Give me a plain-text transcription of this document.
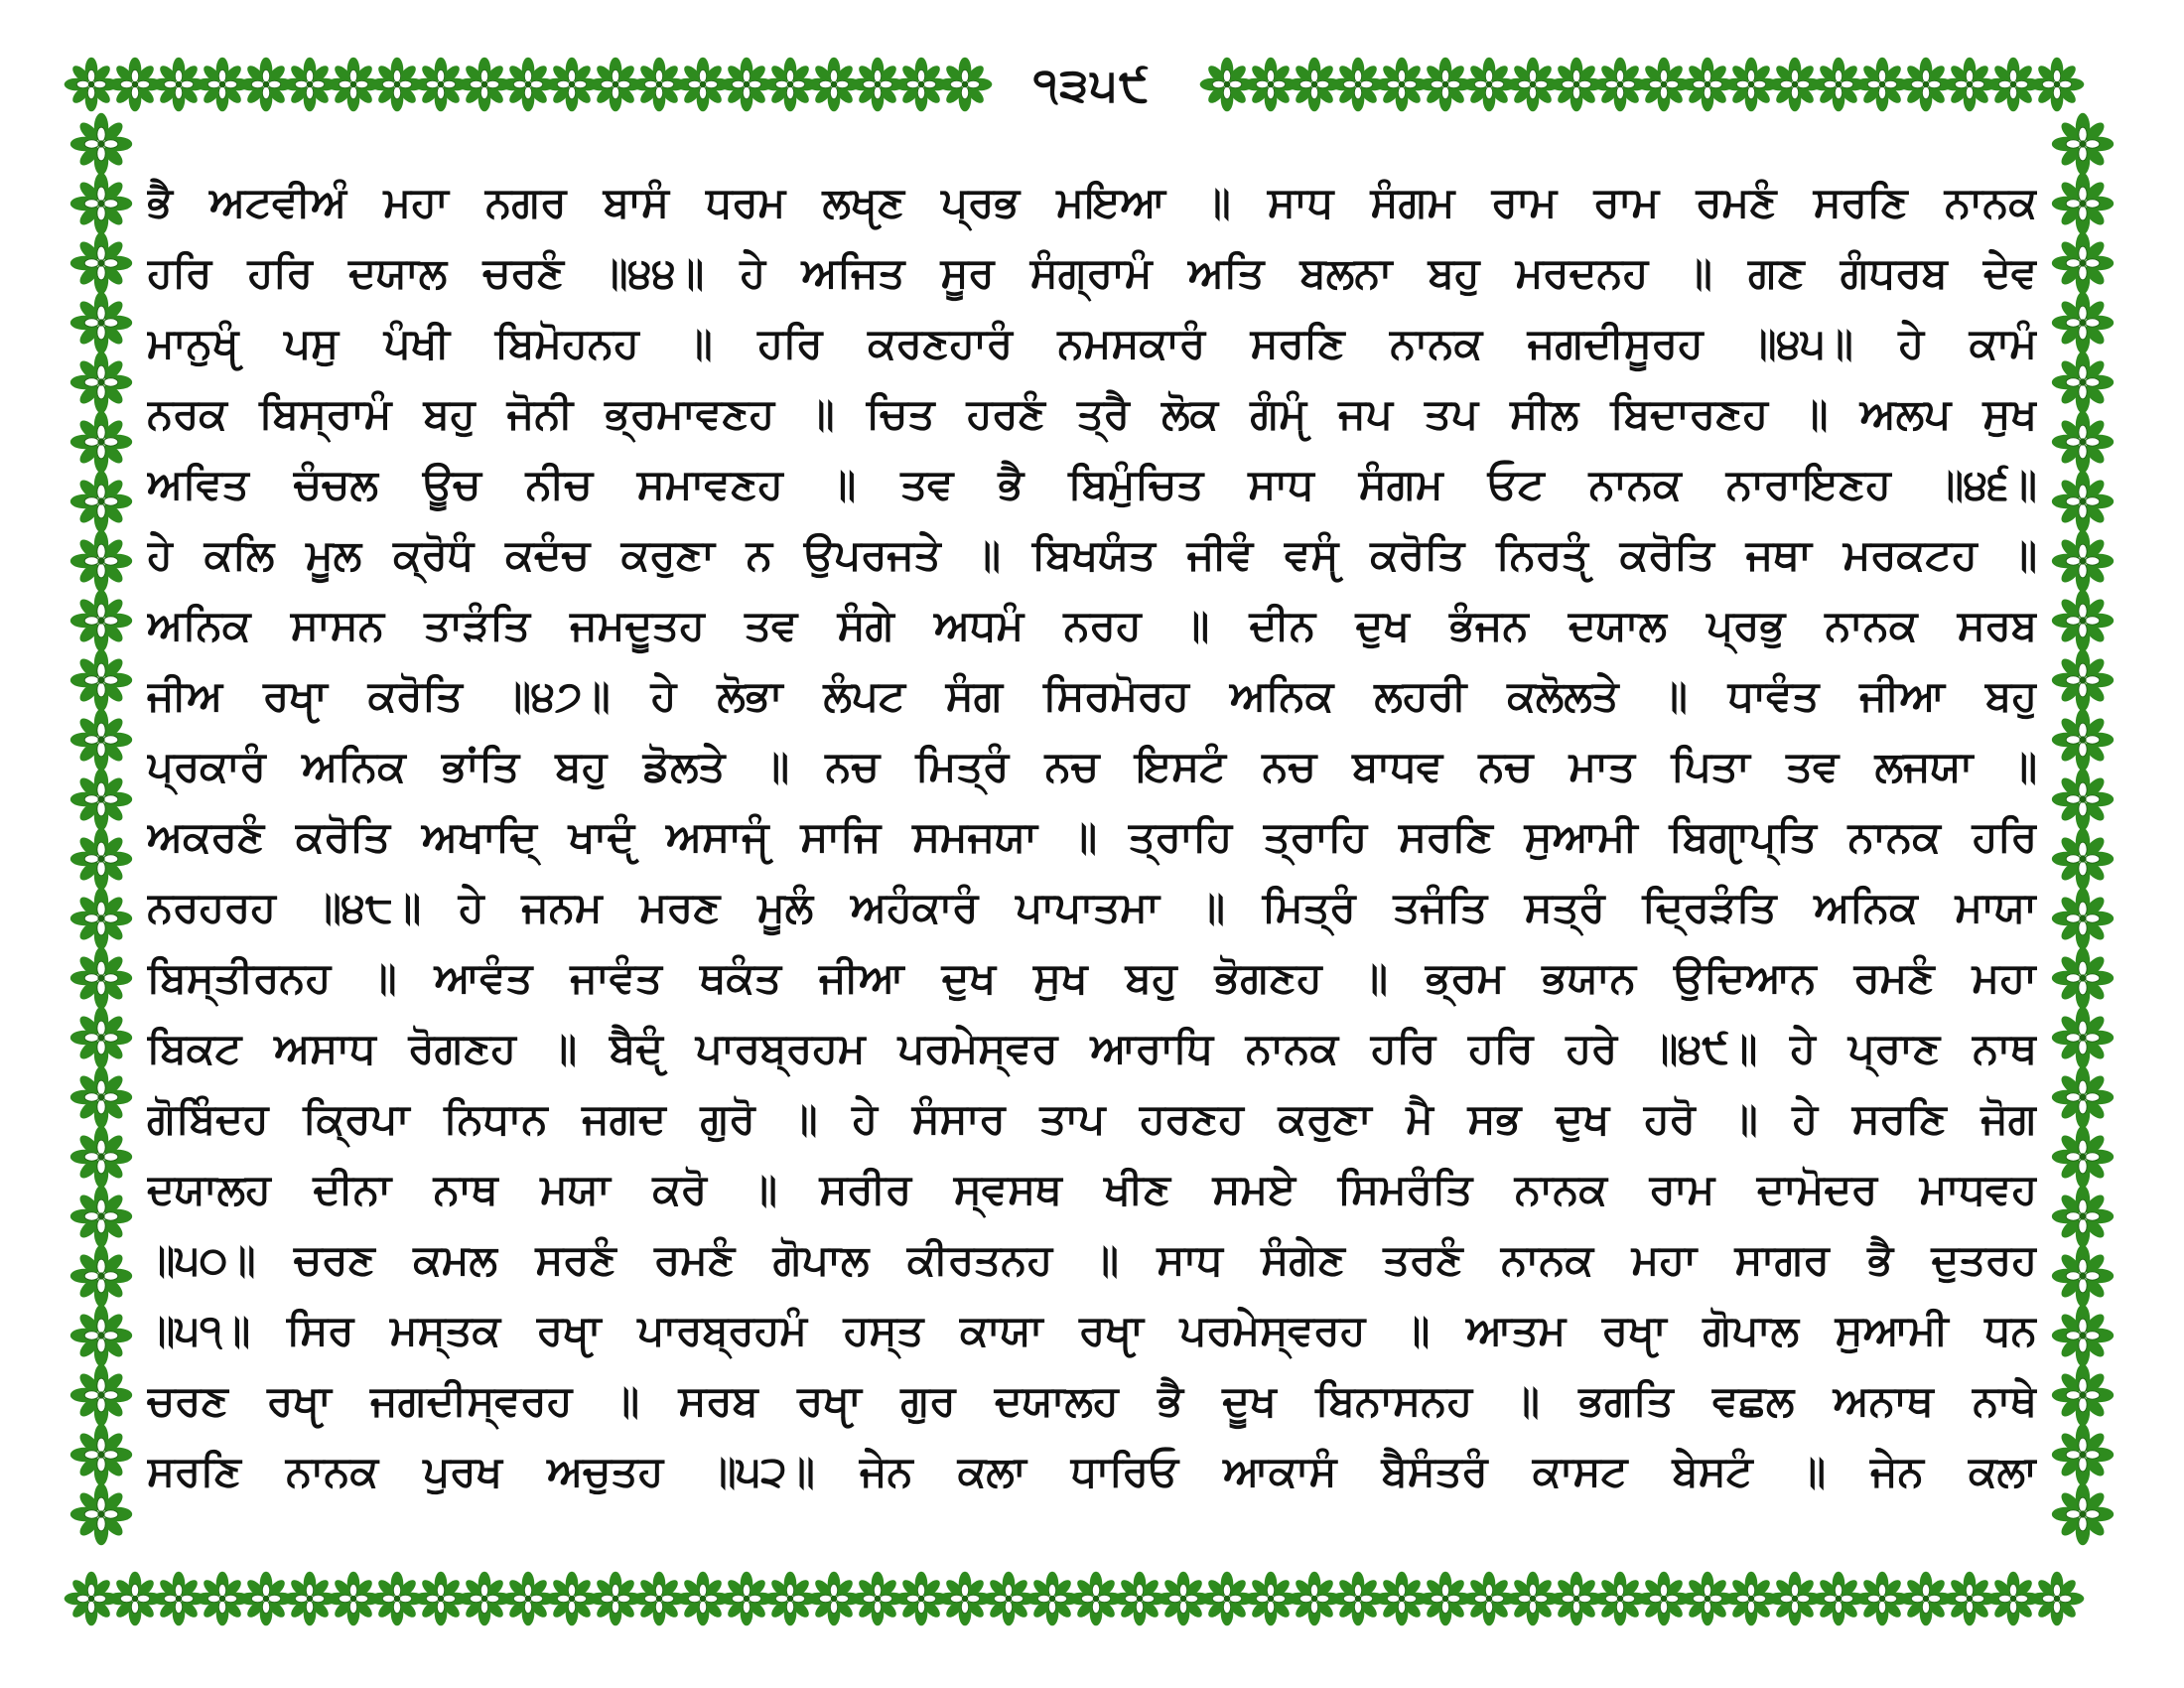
੧੩੫੯
ਭੈ ਅਟਵੀਅੰ ਮਹਾ ਨਗਰ ਬਾਸੰ ਧਰਮ ਲਖੵਣ ਪ੍ਰਭ ਮਇਆ ॥ ਸਾਧ ਸੰਗਮ ਰਾਮ ਰਾਮ ਰਮਣੰ ਸਰਣਿ ਨਾਨਕ
ਹਰਿ ਹਰਿ ਦਯਾਲ ਚਰਣੰ ॥੪੪॥ ਹੇ ਅਜਿਤ ਸੂਰ ਸੰਗ੍ਰਾਮੰ ਅਤਿ ਬਲਨਾ ਬਹੁ ਮਰਦਨਹ ॥ ਗਣ ਗੰਧਰਬ ਦੇਵ
ਮਾਨੁਖੵੰ ਪਸੁ ਪੰਖੀ ਬਿਮੋਹਨਹ ॥ ਹਰਿ ਕਰਣਹਾਰੰ ਨਮਸਕਾਰੰ ਸਰਣਿ ਨਾਨਕ ਜਗਦੀਸੂਰਹ ॥੪੫॥ ਹੇ ਕਾਮੰ
ਨਰਕ ਬਿਸ੍ਰਾਮੰ ਬਹੁ ਜੋਨੀ ਭ੍ਰਮਾਵਣਹ ॥ ਚਿਤ ਹਰਣੰ ਤ੍ਰੈ ਲੋਕ ਗੰਮੵੰ ਜਪ ਤਪ ਸੀਲ ਬਿਦਾਰਣਹ ॥ ਅਲਪ ਸੁਖ
ਅਵਿਤ ਚੰਚਲ ਊਚ ਨੀਚ ਸਮਾਵਣਹ ॥ ਤਵ ਭੈ ਬਿਮੁੰਚਿਤ ਸਾਧ ਸੰਗਮ ਓਟ ਨਾਨਕ ਨਾਰਾਇਣਹ ॥੪੬॥
ਹੇ ਕਲਿ ਮੂਲ ਕ੍ਰੋਧੰ ਕਦੰਚ ਕਰੁਣਾ ਨ ਉਪਰਜਤੇ ॥ ਬਿਖਯੰਤ ਜੀਵੰ ਵਸੵੰ ਕਰੋਤਿ ਨਿਰਤੵੰ ਕਰੋਤਿ ਜਥਾ ਮਰਕਟਹ ॥
ਅਨਿਕ ਸਾਸਨ ਤਾੜੰਤਿ ਜਮਦੂਤਹ ਤਵ ਸੰਗੇ ਅਧਮੰ ਨਰਹ ॥ ਦੀਨ ਦੁਖ ਭੰਜਨ ਦਯਾਲ ਪ੍ਰਭੁ ਨਾਨਕ ਸਰਬ
ਜੀਅ ਰਖੵਾ ਕਰੋਤਿ ॥੪੭॥ ਹੇ ਲੋਭਾ ਲੰਪਟ ਸੰਗ ਸਿਰਮੋਰਹ ਅਨਿਕ ਲਹਰੀ ਕਲੋਲਤੇ ॥ ਧਾਵੰਤ ਜੀਆ ਬਹੁ
ਪ੍ਰਕਾਰੰ ਅਨਿਕ ਭਾਂਤਿ ਬਹੁ ਡੋਲਤੇ ॥ ਨਚ ਮਿਤ੍ਰੰ ਨਚ ਇਸਟੰ ਨਚ ਬਾਧਵ ਨਚ ਮਾਤ ਪਿਤਾ ਤਵ ਲਜਯਾ ॥
ਅਕਰਣੰ ਕਰੋਤਿ ਅਖਾਦਿ੍ ਖਾਦੵੰ ਅਸਾਜੵੰ ਸਾਜਿ ਸਮਜਯਾ ॥ ਤ੍ਰਾਹਿ ਤ੍ਰਾਹਿ ਸਰਣਿ ਸੁਆਮੀ ਬਿਗੵਾਪ੍ਤਿ ਨਾਨਕ ਹਰਿ
ਨਰਹਰਹ ॥੪੮॥ ਹੇ ਜਨਮ ਮਰਣ ਮੂਲੰ ਅਹੰਕਾਰੰ ਪਾਪਾਤਮਾ ॥ ਮਿਤ੍ਰੰ ਤਜੰਤਿ ਸਤ੍ਰੰ ਦ੍ਰਿੜੰਤਿ ਅਨਿਕ ਮਾਯਾ
ਬਿਸ੍ਤੀਰਨਹ ॥ ਆਵੰਤ ਜਾਵੰਤ ਥਕੰਤ ਜੀਆ ਦੁਖ ਸੁਖ ਬਹੁ ਭੋਗਣਹ ॥ ਭ੍ਰਮ ਭਯਾਨ ਉਦਿਆਨ ਰਮਣੰ ਮਹਾ
ਬਿਕਟ ਅਸਾਧ ਰੋਗਣਹ ॥ ਬੈਦੵੰ ਪਾਰਬ੍ਰਹਮ ਪਰਮੇਸ੍ਵਰ ਆਰਾਧਿ ਨਾਨਕ ਹਰਿ ਹਰਿ ਹਰੇ ॥੪੯॥ ਹੇ ਪ੍ਰਾਣ ਨਾਥ
ਗੋਬਿੰਦਹ ਕ੍ਰਿਪਾ ਨਿਧਾਨ ਜਗਦ ਗੁਰੋ ॥ ਹੇ ਸੰਸਾਰ ਤਾਪ ਹਰਣਹ ਕਰੁਣਾ ਮੈ ਸਭ ਦੁਖ ਹਰੋ ॥ ਹੇ ਸਰਣਿ ਜੋਗ
ਦਯਾਲਹ ਦੀਨਾ ਨਾਥ ਮਯਾ ਕਰੋ ॥ ਸਰੀਰ ਸ੍ਵਸਥ ਖੀਣ ਸਮਏ ਸਿਮਰੰਤਿ ਨਾਨਕ ਰਾਮ ਦਾਮੋਦਰ ਮਾਧਵਹ
॥੫੦॥ ਚਰਣ ਕਮਲ ਸਰਣੰ ਰਮਣੰ ਗੋਪਾਲ ਕੀਰਤਨਹ ॥ ਸਾਧ ਸੰਗੇਣ ਤਰਣੰ ਨਾਨਕ ਮਹਾ ਸਾਗਰ ਭੈ ਦੁਤਰਹ
॥੫੧॥ ਸਿਰ ਮਸ੍ਤਕ ਰਖੵਾ ਪਾਰਬ੍ਰਹਮੰ ਹਸ੍ਤ ਕਾਯਾ ਰਖੵਾ ਪਰਮੇਸ੍ਵਰਹ ॥ ਆਤਮ ਰਖੵਾ ਗੋਪਾਲ ਸੁਆਮੀ ਧਨ
ਚਰਣ ਰਖੵਾ ਜਗਦੀਸ੍ਵਰਹ ॥ ਸਰਬ ਰਖੵਾ ਗੁਰ ਦਯਾਲਹ ਭੈ ਦੂਖ ਬਿਨਾਸਨਹ ॥ ਭਗਤਿ ਵਛਲ ਅਨਾਥ ਨਾਥੇ
ਸਰਣਿ ਨਾਨਕ ਪੁਰਖ ਅਚੁਤਹ ॥੫੨॥ ਜੇਨ ਕਲਾ ਧਾਰਿਓ ਆਕਾਸੰ ਬੈਸੰਤਰੰ ਕਾਸਟ ਬੇਸਟੰ ॥ ਜੇਨ ਕਲਾ
